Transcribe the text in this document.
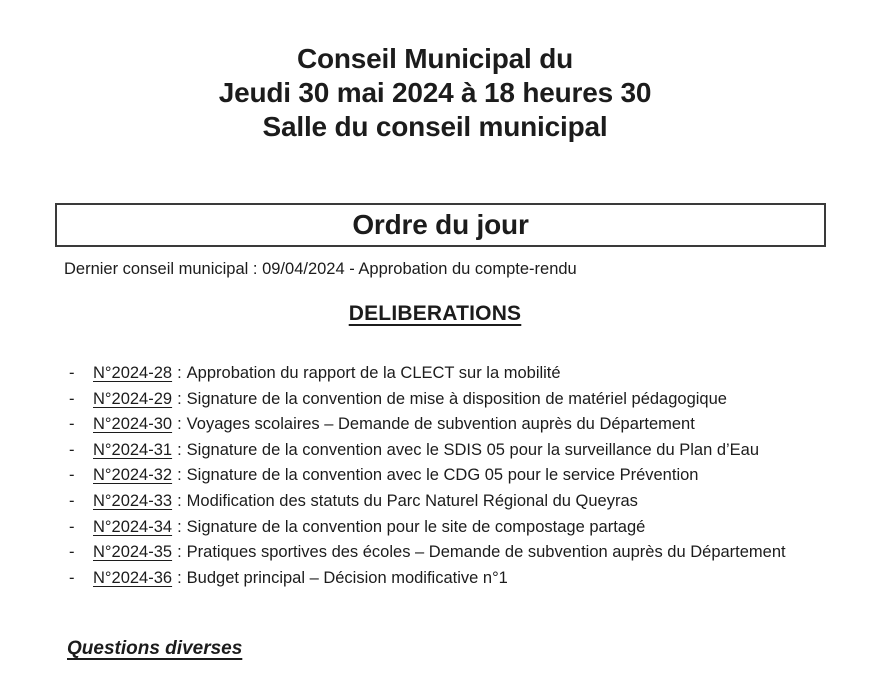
Conseil Municipal du
Jeudi 30 mai 2024 à 18 heures 30
Salle du conseil municipal
Ordre du jour
Dernier conseil municipal : 09/04/2024 - Approbation du compte-rendu
DELIBERATIONS
-	N°2024-28 : Approbation du rapport de la CLECT sur la mobilité
-	N°2024-29 : Signature de la convention de mise à disposition de matériel pédagogique
-	N°2024-30 : Voyages scolaires – Demande de subvention auprès du Département
-	N°2024-31 : Signature de la convention avec le SDIS 05 pour la surveillance du Plan d’Eau
-	N°2024-32 : Signature de la convention avec le CDG 05 pour le service Prévention
-	N°2024-33 : Modification des statuts du Parc Naturel Régional du Queyras
-	N°2024-34 : Signature de la convention pour le site de compostage partagé
-	N°2024-35 : Pratiques sportives des écoles – Demande de subvention auprès du Département
-	N°2024-36 : Budget principal – Décision modificative n°1
Questions diverses
